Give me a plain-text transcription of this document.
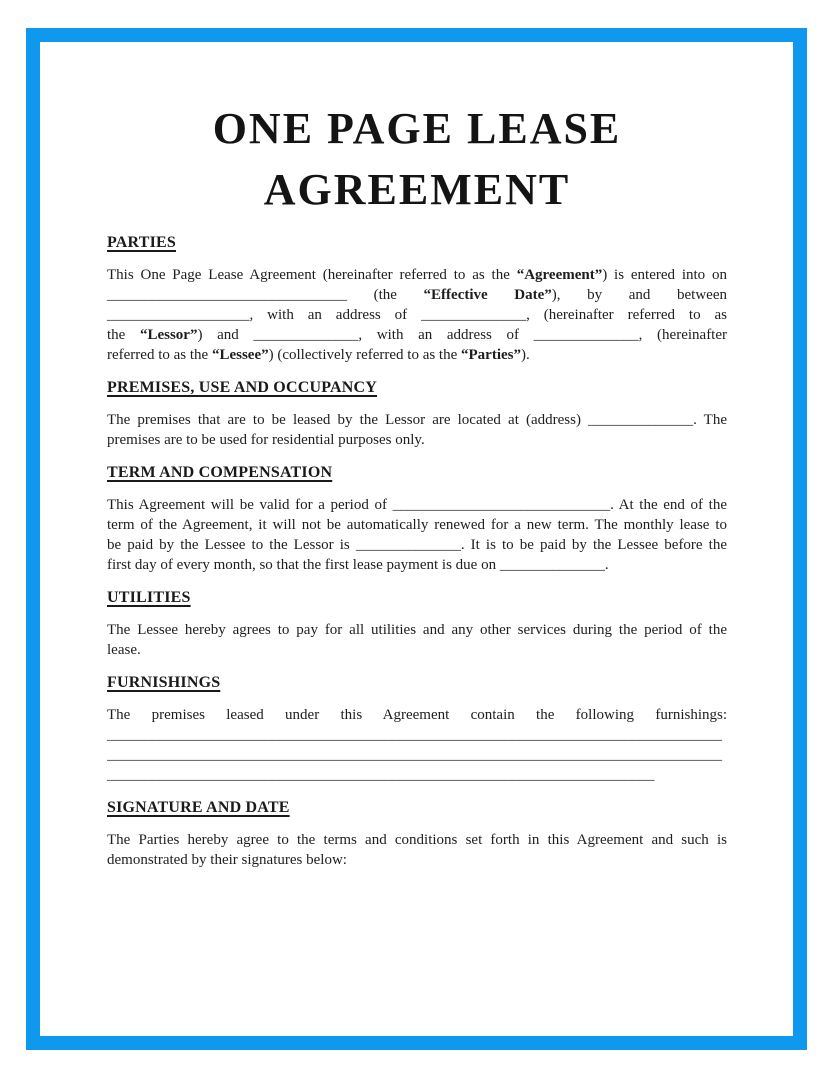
ONE PAGE LEASE
AGREEMENT
PARTIES
This One Page Lease Agreement (hereinafter referred to as the “Agreement”) is entered into on
________________________________ (the “Effective Date”), by and between
___________________, with an address of ______________, (hereinafter referred to as
the “Lessor”) and ______________, with an address of ______________, (hereinafter
referred to as the “Lessee”) (collectively referred to as the “Parties”).
PREMISES, USE AND OCCUPANCY
The premises that are to be leased by the Lessor are located at (address) ______________. The
premises are to be used for residential purposes only.
TERM AND COMPENSATION
This Agreement will be valid for a period of _____________________________. At the end of the
term of the Agreement, it will not be automatically renewed for a new term. The monthly lease to
be paid by the Lessee to the Lessor is ______________. It is to be paid by the Lessee before the
first day of every month, so that the first lease payment is due on ______________.
UTILITIES
The Lessee hereby agrees to pay for all utilities and any other services during the period of the
lease.
FURNISHINGS
The premises leased under this Agreement contain the following furnishings:
__________________________________________________________________________________
__________________________________________________________________________________
_________________________________________________________________________
SIGNATURE AND DATE
The Parties hereby agree to the terms and conditions set forth in this Agreement and such is
demonstrated by their signatures below:
